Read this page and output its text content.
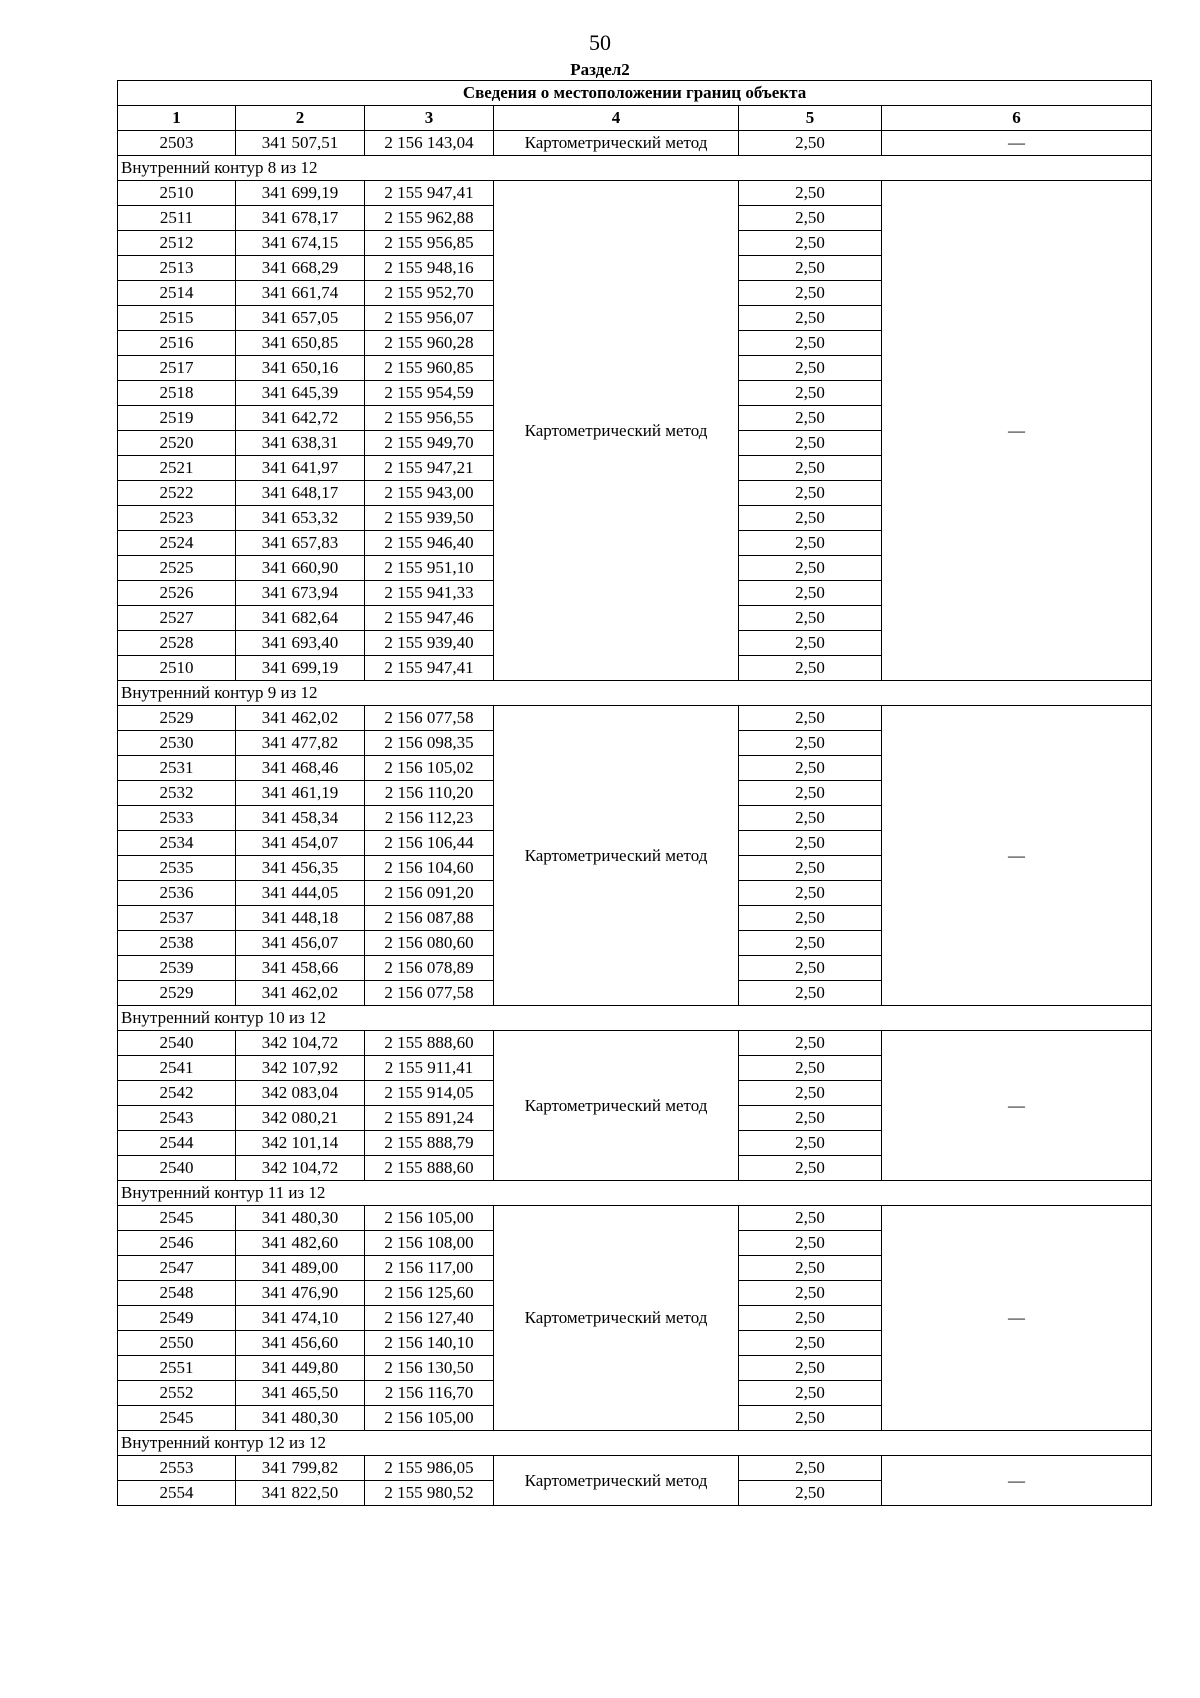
50
Раздел2
Сведения о местоположении границ объекта					
1	2	3	4	5	6
2503	341 507,51	2 156 143,04	Картометрический метод	2,50	—
Внутренний контур 8 из 12					
2510	341 699,19	2 155 947,41	Картометрический метод	2,50	—
2511	341 678,17	2 155 962,88		2,50	
2512	341 674,15	2 155 956,85		2,50	
2513	341 668,29	2 155 948,16		2,50	
2514	341 661,74	2 155 952,70		2,50	
2515	341 657,05	2 155 956,07		2,50	
2516	341 650,85	2 155 960,28		2,50	
2517	341 650,16	2 155 960,85		2,50	
2518	341 645,39	2 155 954,59		2,50	
2519	341 642,72	2 155 956,55		2,50	
2520	341 638,31	2 155 949,70		2,50	
2521	341 641,97	2 155 947,21		2,50	
2522	341 648,17	2 155 943,00		2,50	
2523	341 653,32	2 155 939,50		2,50	
2524	341 657,83	2 155 946,40		2,50	
2525	341 660,90	2 155 951,10		2,50	
2526	341 673,94	2 155 941,33		2,50	
2527	341 682,64	2 155 947,46		2,50	
2528	341 693,40	2 155 939,40		2,50	
2510	341 699,19	2 155 947,41		2,50	
Внутренний контур 9 из 12					
2529	341 462,02	2 156 077,58	Картометрический метод	2,50	—
2530	341 477,82	2 156 098,35		2,50	
2531	341 468,46	2 156 105,02		2,50	
2532	341 461,19	2 156 110,20		2,50	
2533	341 458,34	2 156 112,23		2,50	
2534	341 454,07	2 156 106,44		2,50	
2535	341 456,35	2 156 104,60		2,50	
2536	341 444,05	2 156 091,20		2,50	
2537	341 448,18	2 156 087,88		2,50	
2538	341 456,07	2 156 080,60		2,50	
2539	341 458,66	2 156 078,89		2,50	
2529	341 462,02	2 156 077,58		2,50	
Внутренний контур 10 из 12					
2540	342 104,72	2 155 888,60	Картометрический метод	2,50	—
2541	342 107,92	2 155 911,41		2,50	
2542	342 083,04	2 155 914,05		2,50	
2543	342 080,21	2 155 891,24		2,50	
2544	342 101,14	2 155 888,79		2,50	
2540	342 104,72	2 155 888,60		2,50	
Внутренний контур 11 из 12					
2545	341 480,30	2 156 105,00	Картометрический метод	2,50	—
2546	341 482,60	2 156 108,00		2,50	
2547	341 489,00	2 156 117,00		2,50	
2548	341 476,90	2 156 125,60		2,50	
2549	341 474,10	2 156 127,40		2,50	
2550	341 456,60	2 156 140,10		2,50	
2551	341 449,80	2 156 130,50		2,50	
2552	341 465,50	2 156 116,70		2,50	
2545	341 480,30	2 156 105,00		2,50	
Внутренний контур 12 из 12					
2553	341 799,82	2 155 986,05	Картометрический метод	2,50	—
2554	341 822,50	2 155 980,52		2,50	
